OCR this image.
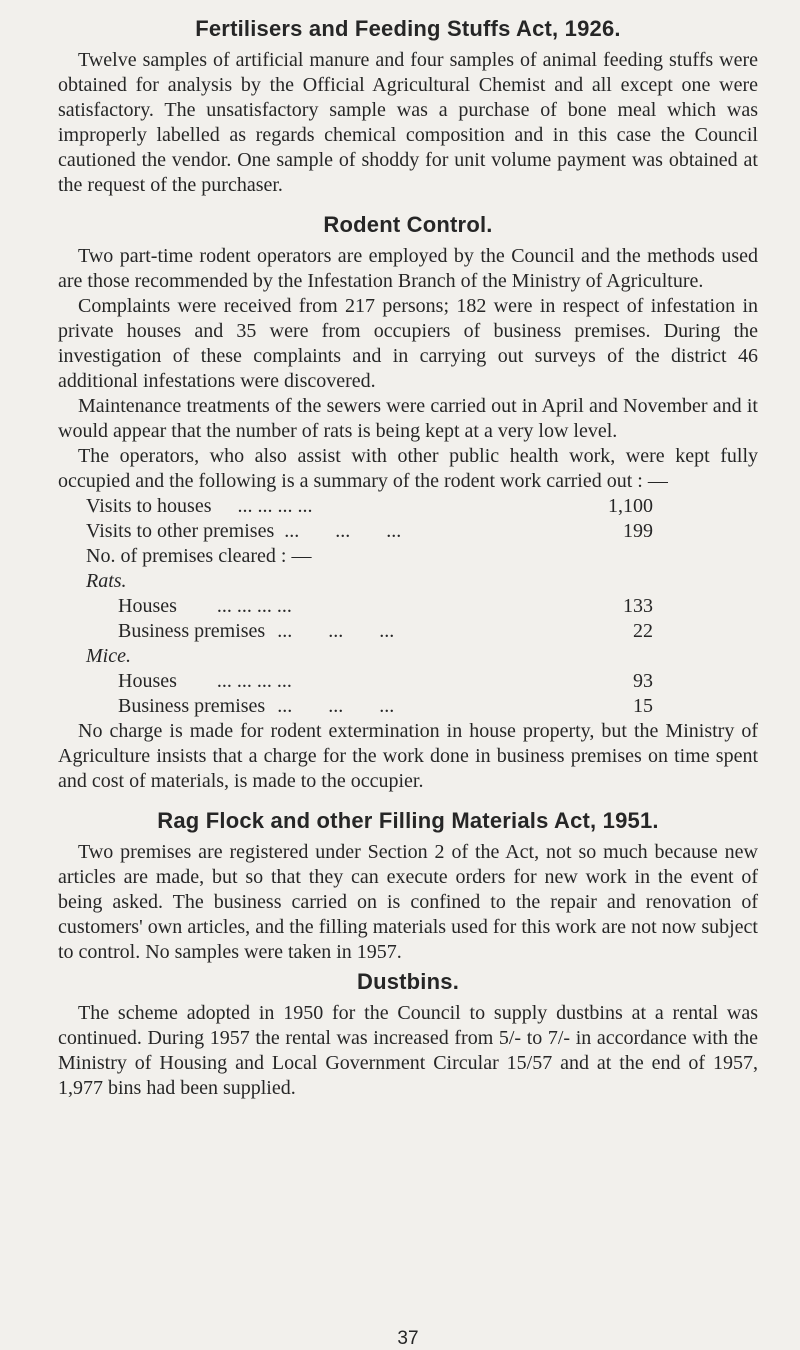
Fertilisers and Feeding Stuffs Act, 1926.

Twelve samples of artificial manure and four samples of animal feeding stuffs were obtained for analysis by the Official Agricultural Chemist and all except one were satisfactory. The unsatisfactory sample was a purchase of bone meal which was improperly labelled as regards chemical composition and in this case the Council cautioned the vendor. One sample of shoddy for unit volume payment was obtained at the request of the purchaser.

Rodent Control.

Two part-time rodent operators are employed by the Council and the methods used are those recommended by the Infestation Branch of the Ministry of Agriculture.

Complaints were received from 217 persons; 182 were in respect of infestation in private houses and 35 were from occupiers of business premises. During the investigation of these complaints and in carrying out surveys of the district 46 additional infestations were discovered.

Maintenance treatments of the sewers were carried out in April and November and it would appear that the number of rats is being kept at a very low level.

The operators, who also assist with other public health work, were kept fully occupied and the following is a summary of the rodent work carried out : —

Visits to houses ... ... ... ...	1,100
Visits to other premises ... ... ...	199
No. of premises cleared : —
Rats.
Houses ... ... ... ...	133
Business premises ... ... ...	22
Mice.
Houses ... ... ... ...	93
Business premises ... ... ...	15

No charge is made for rodent extermination in house property, but the Ministry of Agriculture insists that a charge for the work done in business premises on time spent and cost of materials, is made to the occupier.

Rag Flock and other Filling Materials Act, 1951.

Two premises are registered under Section 2 of the Act, not so much because new articles are made, but so that they can execute orders for new work in the event of being asked. The business carried on is confined to the repair and renovation of customers' own articles, and the filling materials used for this work are not now subject to control. No samples were taken in 1957.

Dustbins.

The scheme adopted in 1950 for the Council to supply dustbins at a rental was continued. During 1957 the rental was increased from 5/- to 7/- in accordance with the Ministry of Housing and Local Government Circular 15/57 and at the end of 1957, 1,977 bins had been supplied.

37
